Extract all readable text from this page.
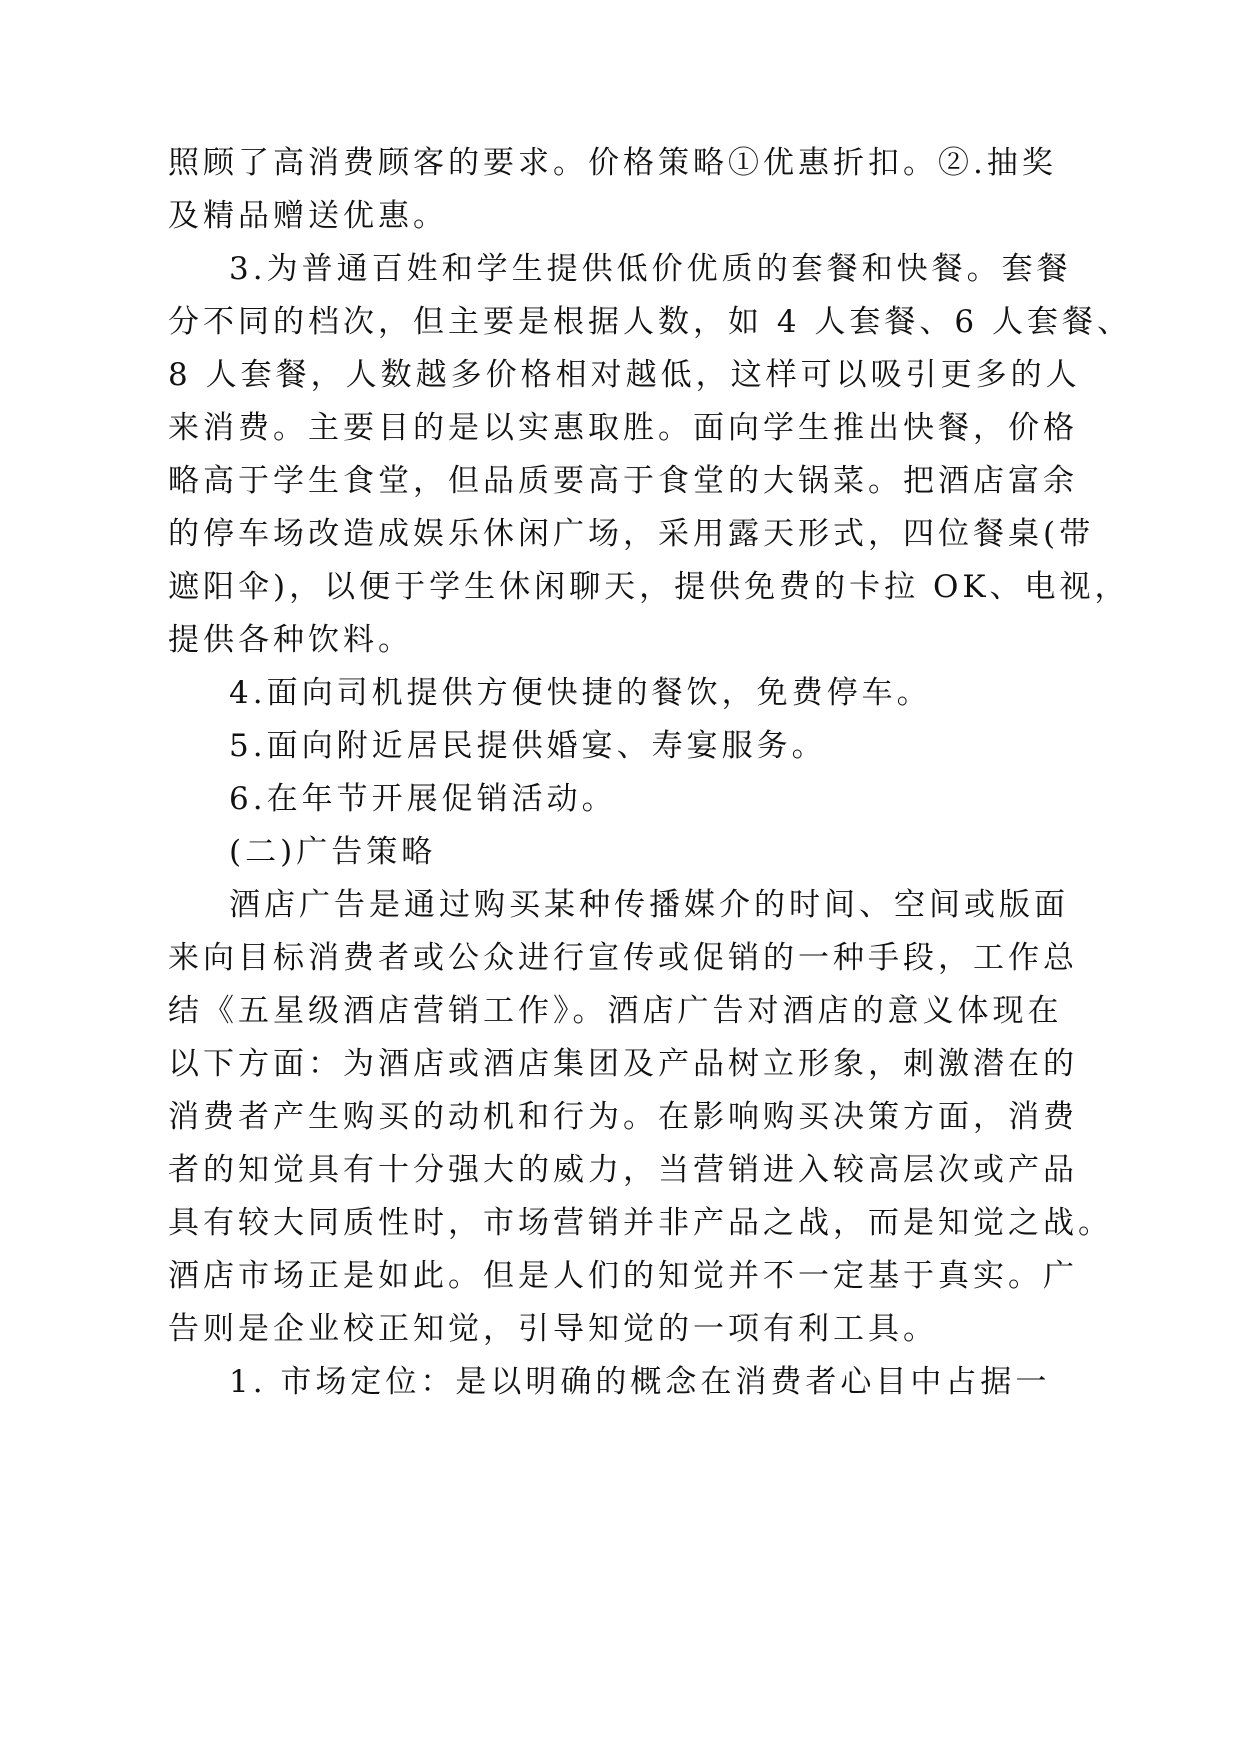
照顾了高消费顾客的要求。价格策略①优惠折扣。②.抽奖
及精品赠送优惠。
3.为普通百姓和学生提供低价优质的套餐和快餐。套餐
分不同的档次，但主要是根据人数，如 4 人套餐、6 人套餐、
8 人套餐，人数越多价格相对越低，这样可以吸引更多的人
来消费。主要目的是以实惠取胜。面向学生推出快餐，价格
略高于学生食堂，但品质要高于食堂的大锅菜。把酒店富余
的停车场改造成娱乐休闲广场，采用露天形式，四位餐桌(带
遮阳伞)，以便于学生休闲聊天，提供免费的卡拉 OK、电视，
提供各种饮料。
4.面向司机提供方便快捷的餐饮，免费停车。
5.面向附近居民提供婚宴、寿宴服务。
6.在年节开展促销活动。
(二)广告策略
酒店广告是通过购买某种传播媒介的时间、空间或版面
来向目标消费者或公众进行宣传或促销的一种手段，工作总
结《五星级酒店营销工作》。酒店广告对酒店的意义体现在
以下方面：为酒店或酒店集团及产品树立形象，刺激潜在的
消费者产生购买的动机和行为。在影响购买决策方面，消费
者的知觉具有十分强大的威力，当营销进入较高层次或产品
具有较大同质性时，市场营销并非产品之战，而是知觉之战。
酒店市场正是如此。但是人们的知觉并不一定基于真实。广
告则是企业校正知觉，引导知觉的一项有利工具。
1. 市场定位：是以明确的概念在消费者心目中占据一
